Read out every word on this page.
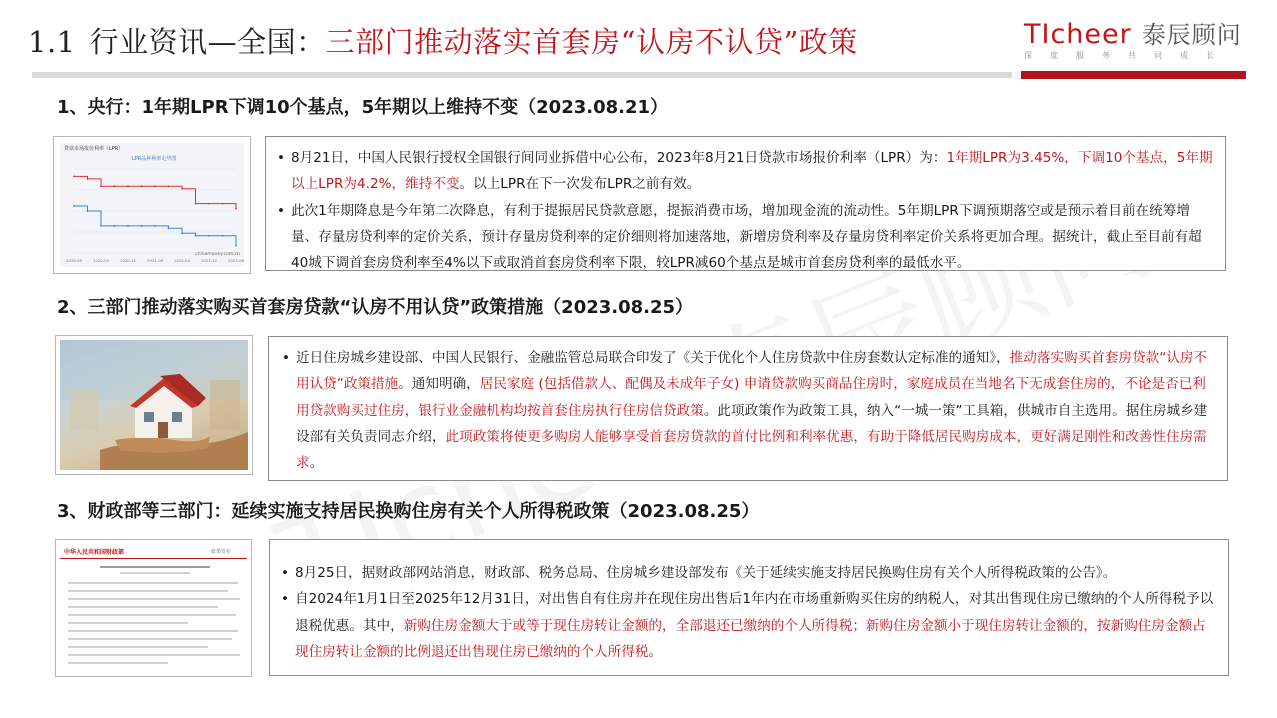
1.1 行业资讯—全国：三部门推动落实首套房“认房不认贷”政策	TIcheer 泰辰顾问
深度服务共同成长
1、央行：1年期LPR下调10个基点，5年期以上维持不变（2023.08.21）
贷款市场报价利率（LPR）
LPR品种利率走势图
2019-08	2020-04	2020-12	2021-08	2022-04	2022-12	2023-08
chinamoney.com.cn
• 8月21日，中国人民银行授权全国银行间同业拆借中心公布，2023年8月21日贷款市场报价利率（LPR）为：1年期LPR为3.45%，下调10个基点，5年期以上LPR为4.2%，维持不变。以上LPR在下一次发布LPR之前有效。
• 此次1年期降息是今年第二次降息，有利于提振居民贷款意愿，提振消费市场，增加现金流的流动性。5年期LPR下调预期落空或是预示着目前在统筹增量、存量房贷利率的定价关系，预计存量房贷利率的定价细则将加速落地，新增房贷利率及存量房贷利率定价关系将更加合理。据统计，截止至目前有超40城下调首套房贷利率至4%以下或取消首套房贷利率下限，较LPR减60个基点是城市首套房贷利率的最低水平。
2、三部门推动落实购买首套房贷款“认房不用认贷”政策措施（2023.08.25）
• 近日住房城乡建设部、中国人民银行、金融监管总局联合印发了《关于优化个人住房贷款中住房套数认定标准的通知》，推动落实购买首套房贷款“认房不用认贷”政策措施。通知明确，居民家庭 (包括借款人、配偶及未成年子女) 申请贷款购买商品住房时，家庭成员在当地名下无成套住房的，不论是否已利用贷款购买过住房，银行业金融机构均按首套住房执行住房信贷政策。此项政策作为政策工具，纳入“一城一策”工具箱，供城市自主选用。据住房城乡建设部有关负责同志介绍，此项政策将使更多购房人能够享受首套房贷款的首付比例和利率优惠，有助于降低居民购房成本，更好满足刚性和改善性住房需求。
3、财政部等三部门：延续实施支持居民换购住房有关个人所得税政策（2023.08.25）
中华人民共和国财政部	政策发布
• 8月25日，据财政部网站消息，财政部、税务总局、住房城乡建设部发布《关于延续实施支持居民换购住房有关个人所得税政策的公告》。
• 自2024年1月1日至2025年12月31日，对出售自有住房并在现住房出售后1年内在市场重新购买住房的纳税人，对其出售现住房已缴纳的个人所得税予以退税优惠。其中，新购住房金额大于或等于现住房转让金额的，全部退还已缴纳的个人所得税；新购住房金额小于现住房转让金额的，按新购住房金额占现住房转让金额的比例退还出售现住房已缴纳的个人所得税。
